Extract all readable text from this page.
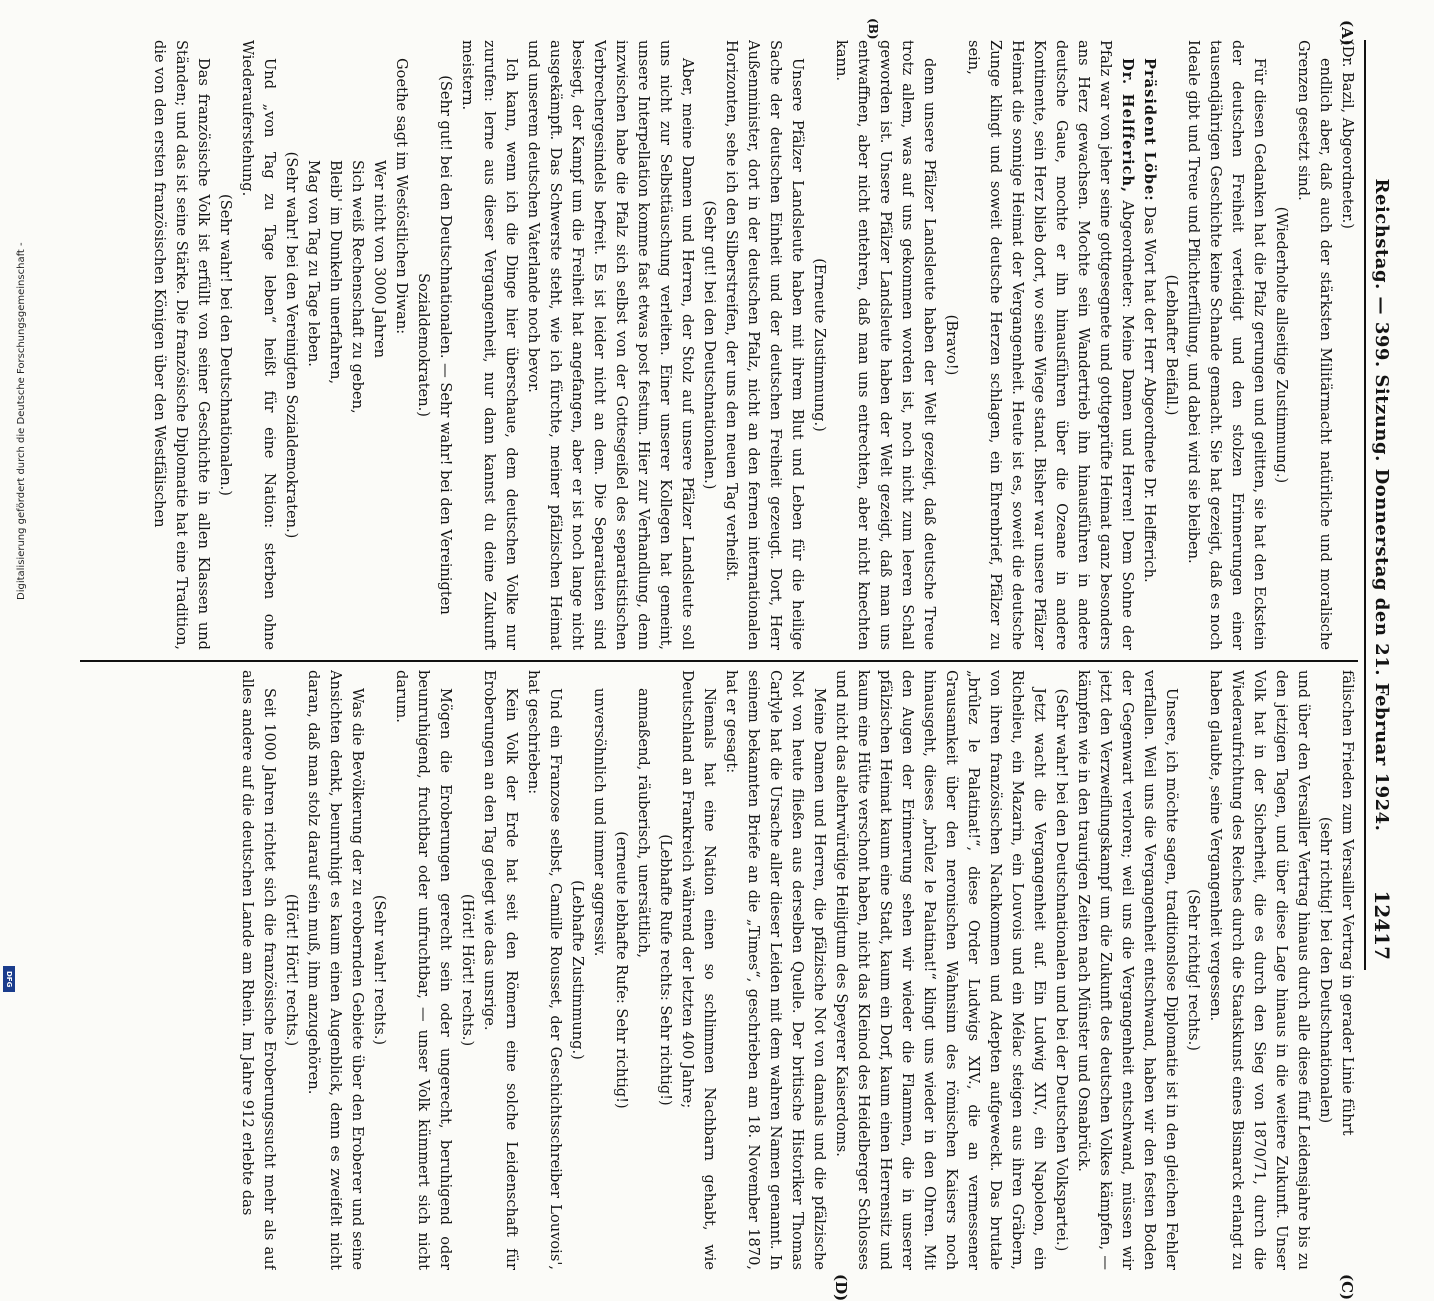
Reichstag. — 399. Sitzung. Donnerstag den 21. Februar 1924.
12417
(A)
(B)
(C)
(D)

(Dr. Bazil, Abgeordneter.)

endlich aber, daß auch der stärksten Militärmacht natürliche und moralische Grenzen gesetzt sind.

(Wiederholte allseitige Zustimmung.)

Für diesen Gedanken hat die Pfalz gerungen und gelitten, sie hat den Eckstein der deutschen Freiheit verteidigt und den stolzen Erinnerungen einer tausendjährigen Geschichte keine Schande gemacht. Sie hat gezeigt, daß es noch Ideale gibt und Treue und Pflichterfüllung, und dabei wird sie bleiben.

(Lebhafter Beifall.)

Präsident Löbe: Das Wort hat der Herr Abgeordnete Dr. Helfferich.

Dr. Helfferich, Abgeordneter: Meine Damen und Herren! Dem Sohne der Pfalz war von jeher seine gottgesegnete und gottgeprüfte Heimat ganz besonders ans Herz gewachsen. Mochte sein Wandertrieb ihn hinausführen in andere deutsche Gaue, mochte er ihn hinausführen über die Ozeane in andere Kontinente, sein Herz blieb dort, wo seine Wiege stand. Bisher war unsere Pfälzer Heimat die sonnige Heimat der Vergangenheit. Heute ist es, soweit die deutsche Zunge klingt und soweit deutsche Herzen schlagen, ein Ehrenbrief, Pfälzer zu sein,

(Bravo!)

denn unsere Pfälzer Landsleute haben der Welt gezeigt, daß deutsche Treue trotz allem, was auf uns gekommen worden ist, noch nicht zum leeren Schall geworden ist. Unsere Pfälzer Landsleute haben der Welt gezeigt, daß man uns entwaffnen, aber nicht entehren, daß man uns entrechten, aber nicht knechten kann.

(Erneute Zustimmung.)

Unsere Pfälzer Landsleute haben mit ihrem Blut und Leben für die heilige Sache der deutschen Einheit und der deutschen Freiheit gezeugt. Dort, Herr Außenminister, dort in der deutschen Pfalz, nicht an den fernen internationalen Horizonten, sehe ich den Silberstreifen, der uns den neuen Tag verheißt.

(Sehr gut! bei den Deutschnationalen.)

Aber, meine Damen und Herren, der Stolz auf unsere Pfälzer Landsleute soll uns nicht zur Selbsttäuschung verleiten. Einer unserer Kollegen hat gemeint, unsere Interpellation komme fast etwas post festum. Hier zur Verhandlung, denn inzwischen habe die Pfalz sich selbst von der Gottesgeißel des separatistischen Verbrechergesindels befreit. Es ist leider nicht an dem. Die Separatisten sind besiegt, der Kampf um die Freiheit hat angefangen, aber er ist noch lange nicht ausgekämpft. Das Schwerste steht, wie ich fürchte, meiner pfälzischen Heimat und unserem deutschen Vaterlande noch bevor.

Ich kann, wenn ich die Dinge hier überschaue, dem deutschen Volke nur zurufen: lerne aus dieser Vergangenheit, nur dann kannst du deine Zukunft meistern.

(Sehr gut! bei den Deutschnationalen. — Sehr wahr! bei den Vereinigten Sozialdemokraten.)

Goethe sagt im Westöstlichen Diwan:

Wer nicht von 3000 Jahren

Sich weiß Rechenschaft zu geben,

Bleib' im Dunkeln unerfahren,

Mag von Tag zu Tage leben.

(Sehr wahr! bei den Vereinigten Sozialdemokraten.)

Und „von Tag zu Tage leben“ heißt für eine Nation: sterben ohne Wiederauferstehung.

(Sehr wahr! bei den Deutschnationalen.)

Das französische Volk ist erfüllt von seiner Geschichte in allen Klassen und Ständen; und das ist seine Stärke. Die französische Diplomatie hat eine Tradition, die von den ersten französischen Königen über den Westfälischen

fälischen Frieden zum Versailler Vertrag in gerader Linie führt

(sehr richtig! bei den Deutschnationalen)

und über den Versailler Vertrag hinaus durch alle diese fünf Leidensjahre bis zu den jetzigen Tagen, und über diese Lage hinaus in die weitere Zukunft. Unser Volk hat in der Sicherheit, die es durch den Sieg von 1870/71, durch die Wiederaufrichtung des Reiches durch die Staatskunst eines Bismarck erlangt zu haben glaubte, seine Vergangenheit vergessen.

(Sehr richtig! rechts.)

Unsere, ich möchte sagen, traditionslose Diplomatie ist in den gleichen Fehler verfallen. Weil uns die Vergangenheit entschwand, haben wir den festen Boden der Gegenwart verloren; weil uns die Vergangenheit entschwand, müssen wir jetzt den Verzweiflungskampf um die Zukunft des deutschen Volkes kämpfen, — kämpfen wie in den traurigen Zeiten nach Münster und Osnabrück.

(Sehr wahr! bei den Deutschnationalen und bei der Deutschen Volkspartei.)

Jetzt wacht die Vergangenheit auf. Ein Ludwig XIV., ein Napoleon, ein Richelieu, ein Mazarin, ein Louvois und ein Mélac steigen aus ihren Gräbern, von ihren französischen Nachkommen und Adepten aufgeweckt. Das brutale „brûlez le Palatinat!“, diese Order Ludwigs XIV., die an vermessener Grausamkeit über den neronischen Wahnsinn des römischen Kaisers noch hinausgeht, dieses „brûlez le Palatinat!“ klingt uns wieder in den Ohren. Mit den Augen der Erinnerung sehen wir wieder die Flammen, die in unserer pfälzischen Heimat kaum eine Stadt, kaum ein Dorf, kaum einen Herrensitz und kaum eine Hütte verschont haben, nicht das Kleinod des Heidelberger Schlosses und nicht das altehrwürdige Heiligtum des Speyerer Kaiserdoms.

Meine Damen und Herren, die pfälzische Not von damals und die pfälzische Not von heute fließen aus derselben Quelle. Der britische Historiker Thomas Carlyle hat die Ursache aller dieser Leiden mit dem wahren Namen genannt. In seinem bekannten Briefe an die „Times“, geschrieben am 18. November 1870, hat er gesagt:

Niemals hat eine Nation einen so schlimmen Nachbarn gehabt, wie Deutschland an Frankreich während der letzten 400 Jahre;

(Lebhafte Rufe rechts: Sehr richtig!)

anmaßend, räuberisch, unersättlich,

(erneute lebhafte Rufe: Sehr richtig!)

unversöhnlich und immer aggressiv.

(Lebhafte Zustimmung.)

Und ein Franzose selbst, Camille Rousset, der Geschichtsschreiber Louvois', hat geschrieben:

Kein Volk der Erde hat seit den Römern eine solche Leidenschaft für Eroberungen an den Tag gelegt wie das unsrige.

(Hört! Hört! rechts.)

Mögen die Eroberungen gerecht sein oder ungerecht, beruhigend oder beunruhigend, fruchtbar oder unfruchtbar, — unser Volk kümmert sich nicht darum.

(Sehr wahr! rechts.)

Was die Bevölkerung der zu erobernden Gebiete über den Eroberer und seine Ansichten denkt, beunruhigt es kaum einen Augenblick, denn es zweifelt nicht daran, daß man stolz darauf sein muß, ihm anzugehören.

(Hört! Hört! rechts.)

Seit 1000 Jahren richtet sich die französische Eroberungssucht mehr als auf alles andere auf die deutschen Lande am Rhein. Im Jahre 912 erlebte das

Digitalisierung gefördert durch die Deutsche Forschungsgemeinschaft -
DFG
